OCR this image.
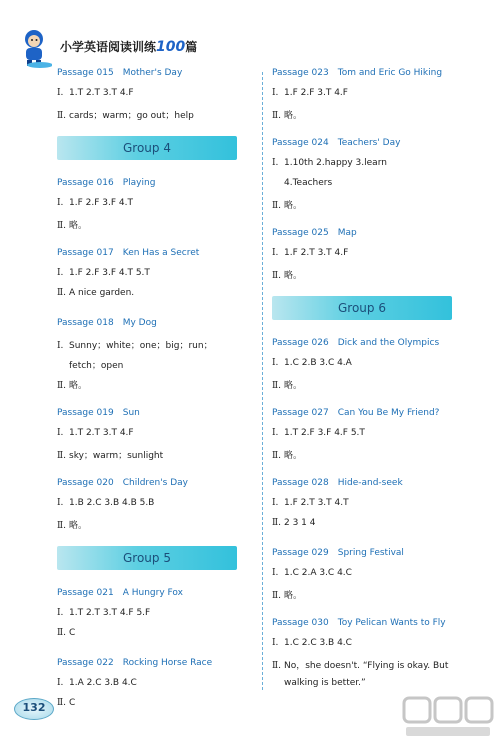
小学英语阅读训练100篇
Passage 015 Mother's Day
Ⅰ. 1.T 2.T 3.T 4.F
Ⅱ. cards；warm；go out；help
Group 4
Passage 016 Playing
Ⅰ. 1.F 2.F 3.F 4.T
Ⅱ. 略。
Passage 017 Ken Has a Secret
Ⅰ. 1.F 2.F 3.F 4.T 5.T
Ⅱ. A nice garden.
Passage 018 My Dog
Ⅰ. Sunny；white；one；big；run；
fetch；open
Ⅱ. 略。
Passage 019 Sun
Ⅰ. 1.T 2.T 3.T 4.F
Ⅱ. sky；warm；sunlight
Passage 020 Children's Day
Ⅰ. 1.B 2.C 3.B 4.B 5.B
Ⅱ. 略。
Group 5
Passage 021 A Hungry Fox
Ⅰ. 1.T 2.T 3.T 4.F 5.F
Ⅱ. C
Passage 022 Rocking Horse Race
Ⅰ. 1.A 2.C 3.B 4.C
Ⅱ. C
Passage 023 Tom and Eric Go Hiking
Ⅰ. 1.F 2.F 3.T 4.F
Ⅱ. 略。
Passage 024 Teachers' Day
Ⅰ. 1.10th 2.happy 3.learn
4.Teachers
Ⅱ. 略。
Passage 025 Map
Ⅰ. 1.F 2.T 3.T 4.F
Ⅱ. 略。
Group 6
Passage 026 Dick and the Olympics
Ⅰ. 1.C 2.B 3.C 4.A
Ⅱ. 略。
Passage 027 Can You Be My Friend?
Ⅰ. 1.T 2.F 3.F 4.F 5.T
Ⅱ. 略。
Passage 028 Hide-and-seek
Ⅰ. 1.F 2.T 3.T 4.T
Ⅱ. 2 3 1 4
Passage 029 Spring Festival
Ⅰ. 1.C 2.A 3.C 4.C
Ⅱ. 略。
Passage 030 Toy Pelican Wants to Fly
Ⅰ. 1.C 2.C 3.B 4.C
Ⅱ. No，she doesn't. “Flying is okay. But
walking is better.”
132
